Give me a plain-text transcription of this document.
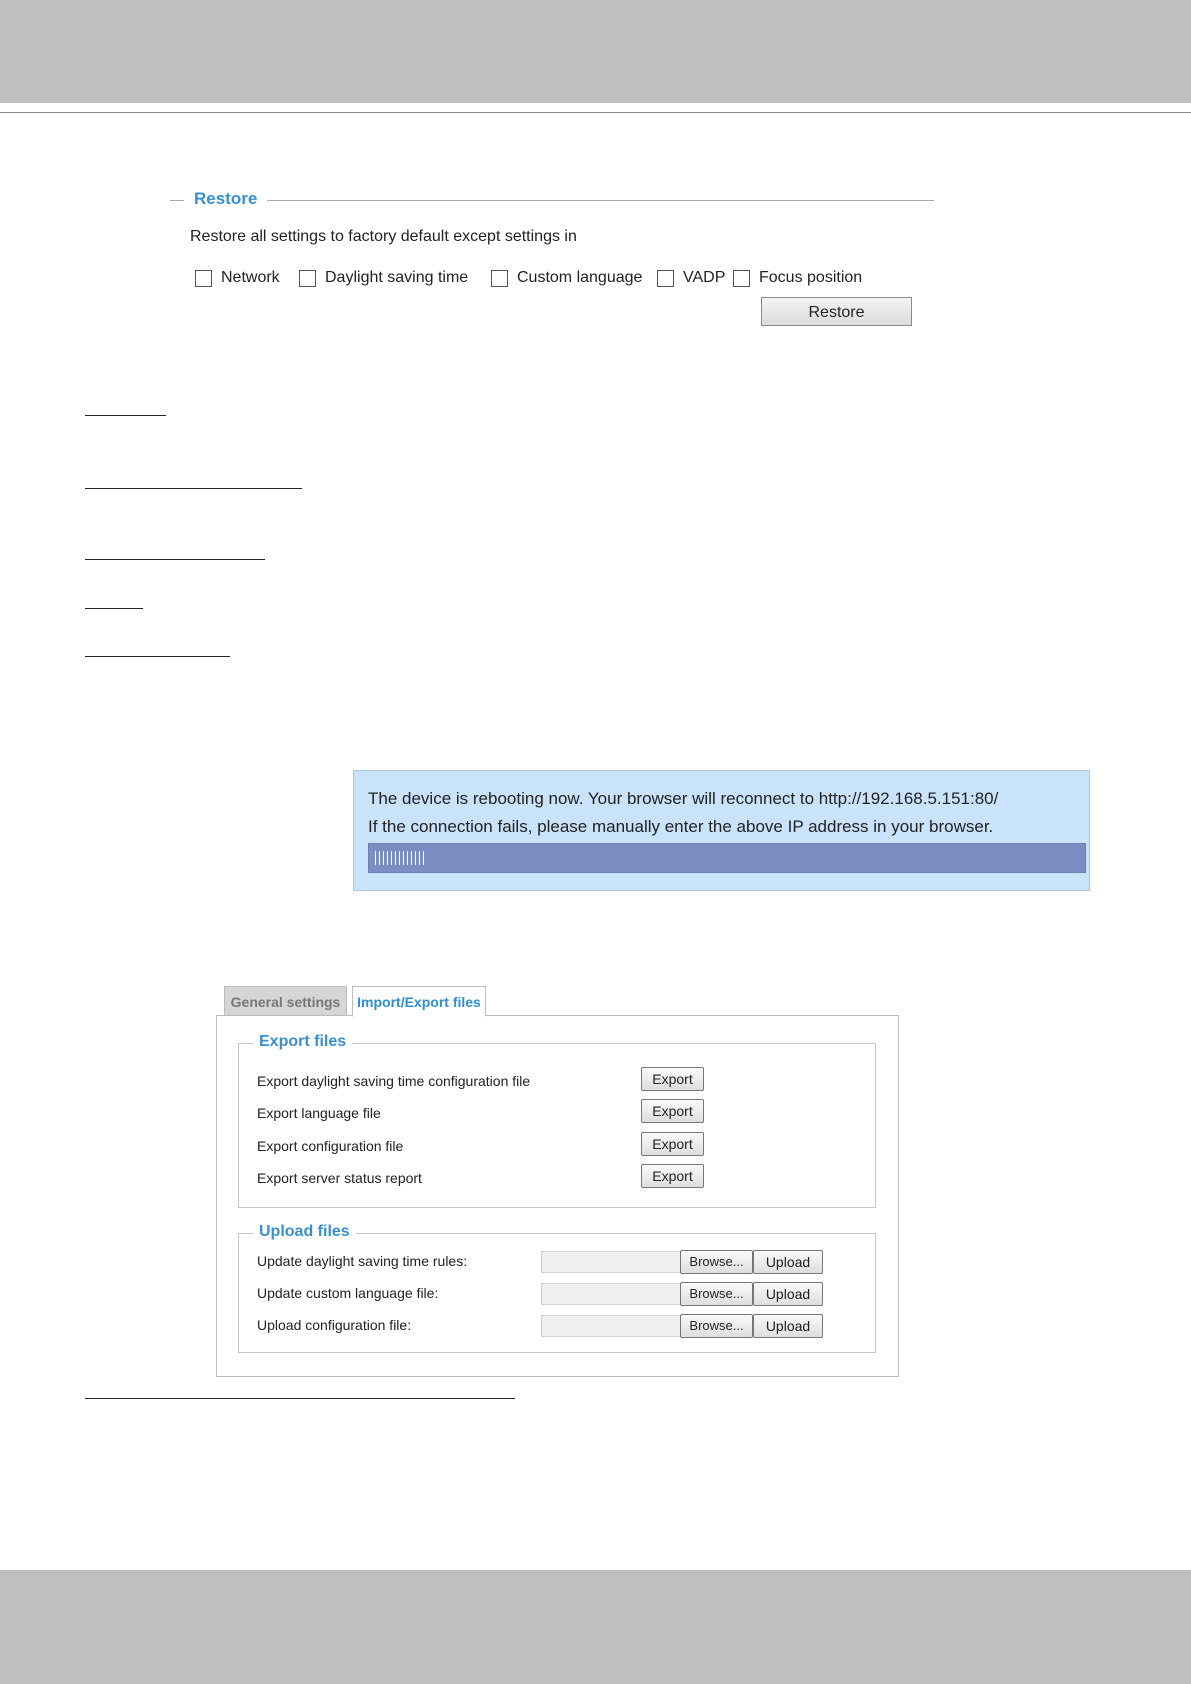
Restore
Restore all settings to factory default except settings in
Network	Daylight saving time	Custom language	VADP Focus position
Restore
The device is rebooting now. Your browser will reconnect to http://192.168.5.151:80/
If the connection fails, please manually enter the above IP address in your browser.
General settings	Import/Export files
Export files
Export daylight saving time configuration file	Export
Export language file	Export
Export configuration file	Export
Export server status report	Export
Upload files
Update daylight saving time rules:	Browse...	Upload
Update custom language file:	Browse...	Upload
Upload configuration file:	Browse...	Upload
